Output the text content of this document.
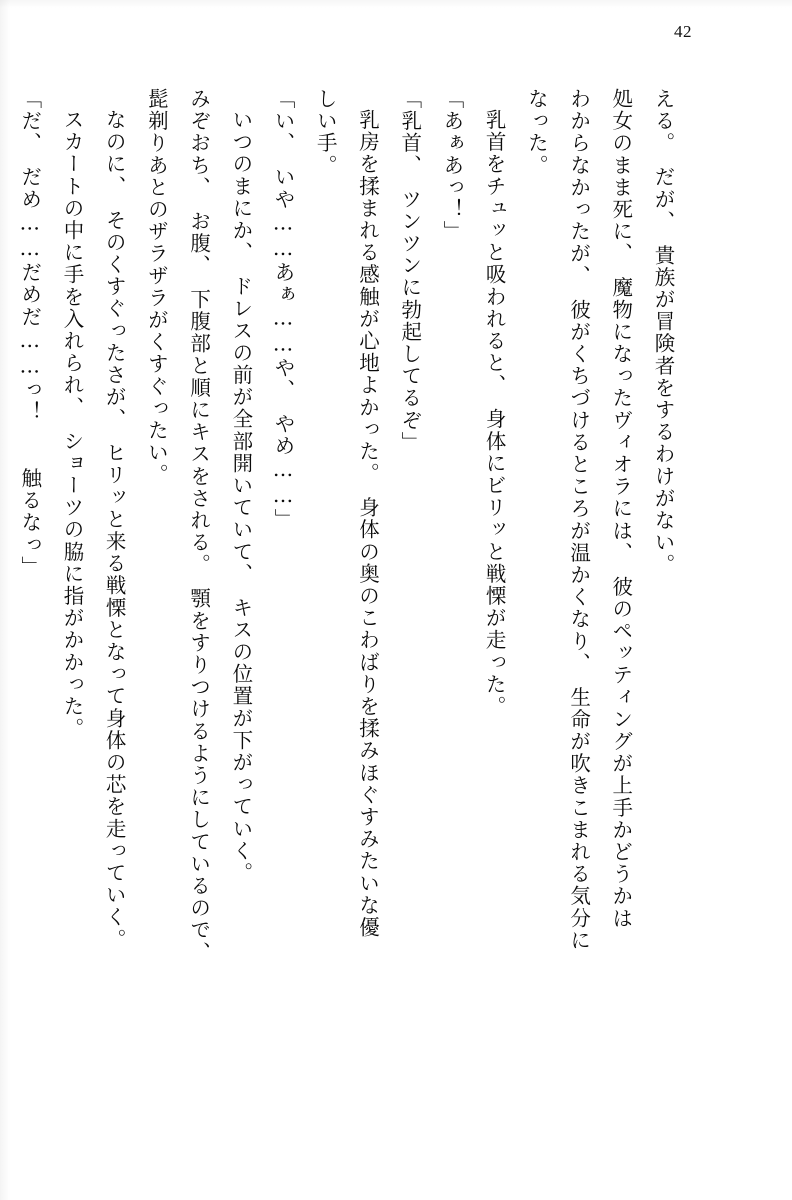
42

える。　だが、　貴族が冒険者をするわけがない。

処女のまま死に、　魔物になったヴィオラには、　彼のペッティングが上手かどうかは

わからなかったが、　彼がくちづけるところが温かくなり、　生命が吹きこまれる気分に

なった。

乳首をチュッと吸われると、　身体にビリッと戦慄が走った。

「あぁあっ！」

「乳首、　ツンツンに勃起してるぞ」

乳房を揉まれる感触が心地よかった。　身体の奥のこわばりを揉みほぐすみたいな優

しい手。

「い、　いや……あぁ……や、　やめ……」

いつのまにか、　ドレスの前が全部開いていて、　キスの位置が下がっていく。

みぞおち、　お腹、　下腹部と順にキスをされる。　顎をすりつけるようにしているので、

髭剃りあとのザラザラがくすぐったい。

なのに、　そのくすぐったさが、　ヒリッと来る戦慄となって身体の芯を走っていく。

スカートの中に手を入れられ、　ショーツの脇に指がかかった。

「だ、　だめ……だめだ……っ！　　触るなっ」
